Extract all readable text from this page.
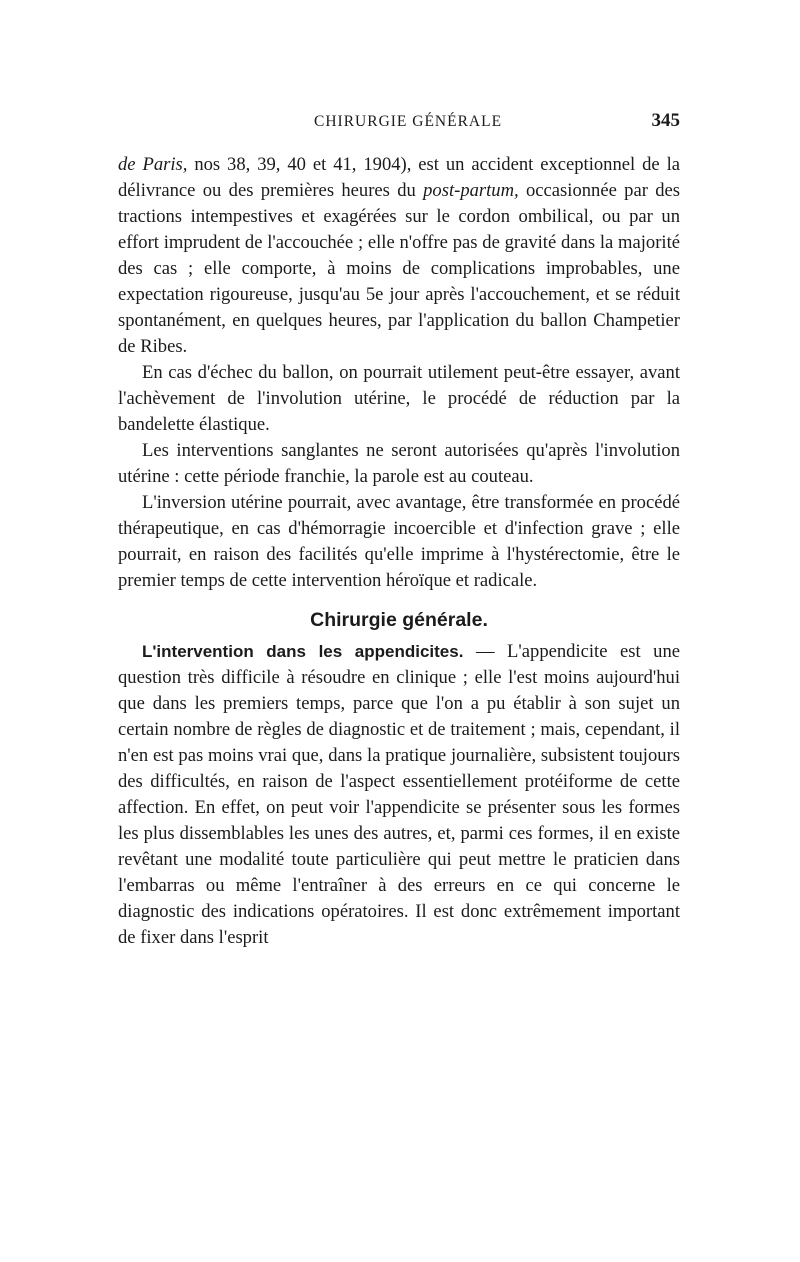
CHIRURGIE GÉNÉRALE	345

de Paris, nos 38, 39, 40 et 41, 1904), est un accident exceptionnel de la délivrance ou des premières heures du post-partum, occasionnée par des tractions intempestives et exagérées sur le cordon ombilical, ou par un effort imprudent de l'accouchée ; elle n'offre pas de gravité dans la majorité des cas ; elle comporte, à moins de complications improbables, une expectation rigoureuse, jusqu'au 5e jour après l'accouchement, et se réduit spontanément, en quelques heures, par l'application du ballon Champetier de Ribes.

En cas d'échec du ballon, on pourrait utilement peut-être essayer, avant l'achèvement de l'involution utérine, le procédé de réduction par la bandelette élastique.

Les interventions sanglantes ne seront autorisées qu'après l'involution utérine : cette période franchie, la parole est au couteau.

L'inversion utérine pourrait, avec avantage, être transformée en procédé thérapeutique, en cas d'hémorragie incoercible et d'infection grave ; elle pourrait, en raison des facilités qu'elle imprime à l'hystérectomie, être le premier temps de cette intervention héroïque et radicale.

Chirurgie générale.

L'intervention dans les appendicites. — L'appendicite est une question très difficile à résoudre en clinique ; elle l'est moins aujourd'hui que dans les premiers temps, parce que l'on a pu établir à son sujet un certain nombre de règles de diagnostic et de traitement ; mais, cependant, il n'en est pas moins vrai que, dans la pratique journalière, subsistent toujours des difficultés, en raison de l'aspect essentiellement protéiforme de cette affection. En effet, on peut voir l'appendicite se présenter sous les formes les plus dissemblables les unes des autres, et, parmi ces formes, il en existe revêtant une modalité toute particulière qui peut mettre le praticien dans l'embarras ou même l'entraîner à des erreurs en ce qui concerne le diagnostic des indications opératoires. Il est donc extrêmement important de fixer dans l'esprit
